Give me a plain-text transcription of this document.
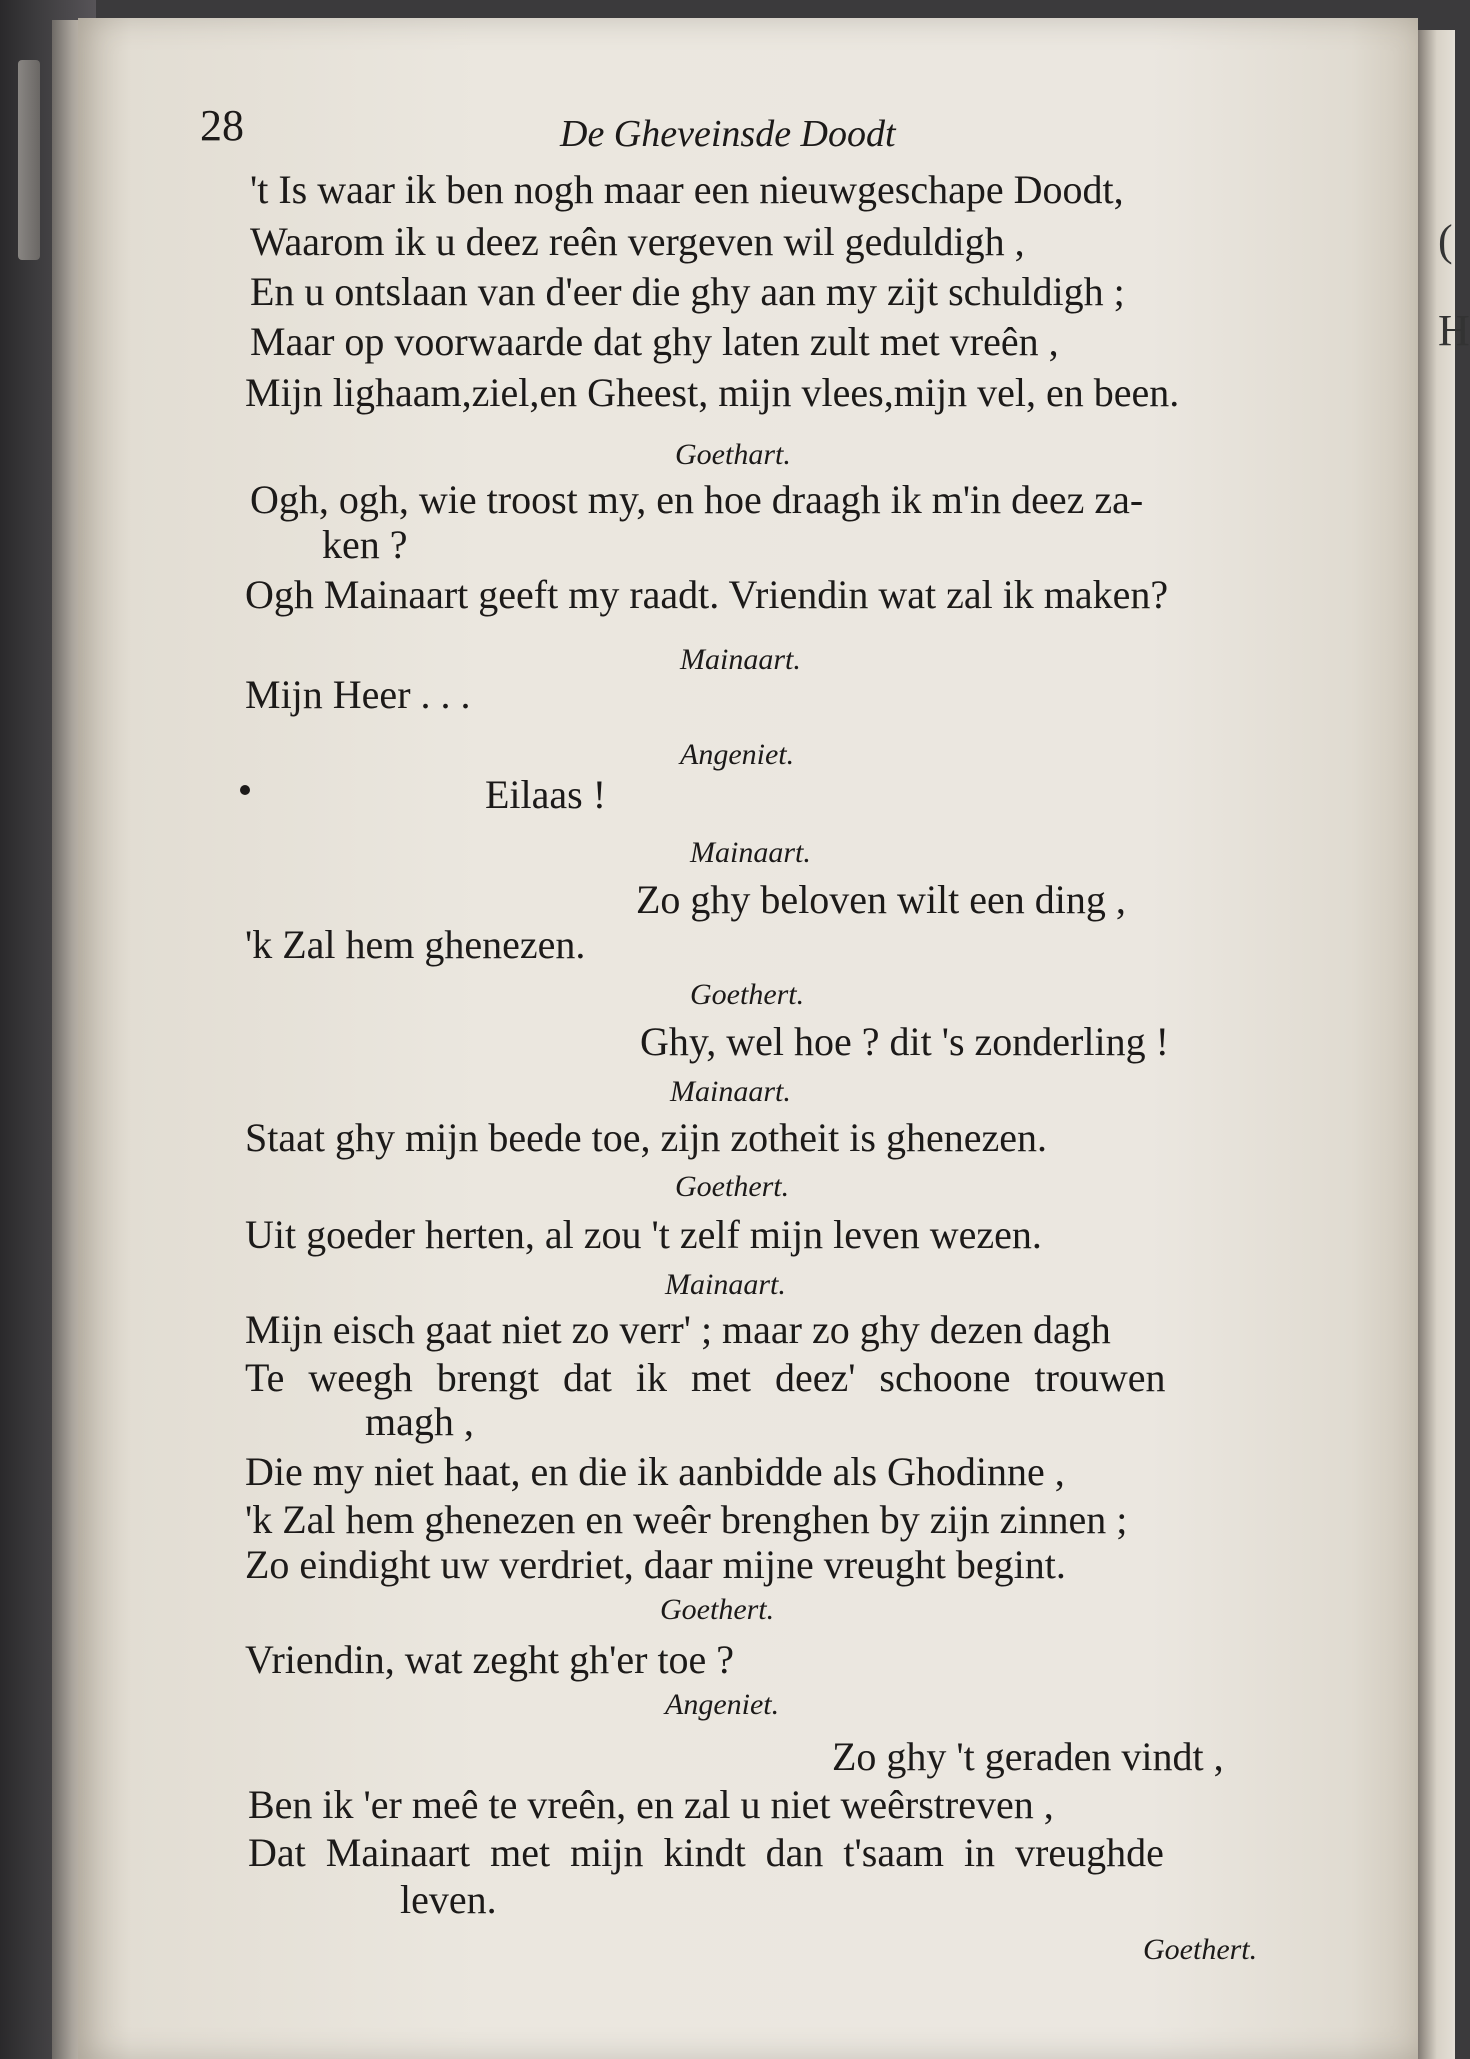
(
H
28	De Gheveinsde Doodt
't Is waar ik ben nogh maar een nieuwgeschape Doodt,
Waarom ik u deez reên vergeven wil geduldigh ,
En u ontslaan van d'eer die ghy aan my zijt schuldigh ;
Maar op voorwaarde dat ghy laten zult met vreên ,
Mijn lighaam,ziel,en Gheest, mijn vlees,mijn vel, en been.
Goethart.
Ogh, ogh, wie troost my, en hoe draagh ik m'in deez za-
ken ?
Ogh Mainaart geeft my raadt. Vriendin wat zal ik maken?
Mainaart.
Mijn Heer . . .
Angeniet.
Eilaas !
Mainaart.
Zo ghy beloven wilt een ding ,
'k Zal hem ghenezen.
Goethert.
Ghy, wel hoe ? dit 's zonderling !
Mainaart.
Staat ghy mijn beede toe, zijn zotheit is ghenezen.
Goethert.
Uit goeder herten, al zou 't zelf mijn leven wezen.
Mainaart.
Mijn eisch gaat niet zo verr' ; maar zo ghy dezen dagh
Te weegh brengt dat ik met deez' schoone trouwen
magh ,
Die my niet haat, en die ik aanbidde als Ghodinne ,
'k Zal hem ghenezen en weêr brenghen by zijn zinnen ;
Zo eindight uw verdriet, daar mijne vreught begint.
Goethert.
Vriendin, wat zeght gh'er toe ?
Angeniet.
Zo ghy 't geraden vindt ,
Ben ik 'er meê te vreên, en zal u niet weêrstreven ,
Dat Mainaart met mijn kindt dan t'saam in vreughde
leven.
Goethert.
